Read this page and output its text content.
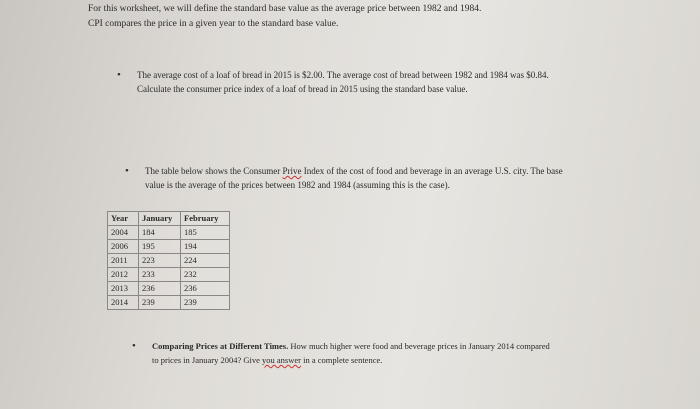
For this worksheet, we will define the standard base value as the average price between 1982 and 1984.
CPI compares the price in a given year to the standard base value.
• The average cost of a loaf of bread in 2015 is $2.00. The average cost of bread between 1982 and 1984 was $0.84.
Calculate the consumer price index of a loaf of bread in 2015 using the standard base value.
• The table below shows the Consumer Prive Index of the cost of food and beverage in an average U.S. city. The base
value is the average of the prices between 1982 and 1984 (assuming this is the case).
Year	January	February
2004	184	185
2006	195	194
2011	223	224
2012	233	232
2013	236	236
2014	239	239
• Comparing Prices at Different Times. How much higher were food and beverage prices in January 2014 compared
to prices in January 2004? Give you answer in a complete sentence.
